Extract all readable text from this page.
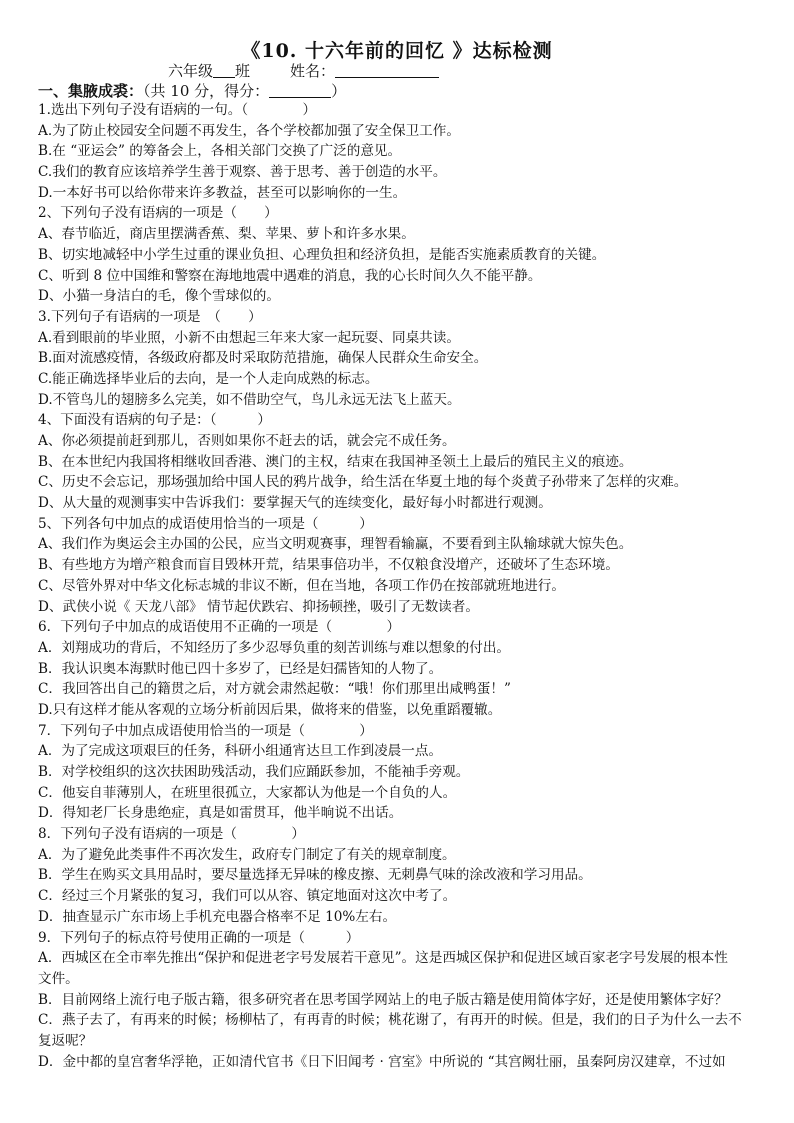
《10. 十六年前的回忆 》达标检测
六年级 班	姓名：
一、集腋成裘：（共 10 分，得分：	）
1.选出下列句子没有语病的一句。（　　　　）
A.为了防止校园安全问题不再发生，各个学校都加强了安全保卫工作。
B.在 “亚运会” 的筹备会上，各相关部门交换了广泛的意见。
C.我们的教育应该培养学生善于观察、善于思考、善于创造的水平。
D.一本好书可以给你带来许多教益，甚至可以影响你的一生。
2、下列句子没有语病的一项是（　　）
A、春节临近，商店里摆满香蕉、梨、苹果、萝卜和许多水果。
B、切实地减轻中小学生过重的课业负担、心理负担和经济负担，是能否实施素质教育的关键。
C、听到 8 位中国维和警察在海地地震中遇难的消息，我的心长时间久久不能平静。
D、小猫一身洁白的毛，像个雪球似的。
3.下列句子有语病的一项是　（　　）
A.看到眼前的毕业照，小新不由想起三年来大家一起玩耍、同桌共读。
B.面对流感疫情，各级政府都及时采取防范措施，确保人民群众生命安全。
C.能正确选择毕业后的去向，是一个人走向成熟的标志。
D.不管鸟儿的翅膀多么完美，如不借助空气，鸟儿永远无法飞上蓝天。
4、下面没有语病的句子是：（　　　）
A、你必须提前赶到那儿，否则如果你不赶去的话，就会完不成任务。
B、在本世纪内我国将相继收回香港、澳门的主权，结束在我国神圣领土上最后的殖民主义的痕迹。
C、历史不会忘记，那场强加给中国人民的鸦片战争，给生活在华夏土地的每个炎黄子孙带来了怎样的灾难。
D、从大量的观测事实中告诉我们：要掌握天气的连续变化，最好每小时都进行观测。
5、下列各句中加点的成语使用恰当的一项是（　　　）
A、我们作为奥运会主办国的公民，应当文明观赛事，理智看输赢，不要看到主队输球就大惊失色。
B、有些地方为增产粮食而盲目毁林开荒，结果事倍功半，不仅粮食没增产，还破坏了生态环境。
C、尽管外界对中华文化标志城的非议不断，但在当地，各项工作仍在按部就班地进行。
D、武侠小说《 天龙八部》 情节起伏跌宕、抑扬顿挫，吸引了无数读者。
6．下列句子中加点的成语使用不正确的一项是（　　　　）
A．刘翔成功的背后，不知经历了多少忍辱负重的刻苦训练与难以想象的付出。
B．我认识奥本海默时他已四十多岁了，已经是妇孺皆知的人物了。
C．我回答出自己的籍贯之后，对方就会肃然起敬：“哦！你们那里出咸鸭蛋！”
D.只有这样才能从客观的立场分析前因后果，做将来的借鉴，以免重蹈覆辙。
7．下列句子中加点成语使用恰当的一项是（　　　　）
A．为了完成这项艰巨的任务，科研小组通宵达旦工作到凌晨一点。
B．对学校组织的这次扶困助残活动，我们应踊跃参加，不能袖手旁观。
C．他妄自菲薄别人，在班里很孤立，大家都认为他是一个自负的人。
D．得知老厂长身患绝症，真是如雷贯耳，他半晌说不出话。
8．下列句子没有语病的一项是（　　　　）
A．为了避免此类事件不再次发生，政府专门制定了有关的规章制度。
B．学生在购买文具用品时，要尽量选择无异味的橡皮擦、无刺鼻气味的涂改液和学习用品。
C．经过三个月紧张的复习，我们可以从容、镇定地面对这次中考了。
D．抽查显示广东市场上手机充电器合格率不足 10%左右。
9．下列句子的标点符号使用正确的一项是（　　　）
A．西城区在全市率先推出“保护和促进老字号发展若干意见”。这是西城区保护和促进区域百家老字号发展的根本性
文件。
B．目前网络上流行电子版古籍，很多研究者在思考国学网站上的电子版古籍是使用简体字好，还是使用繁体字好？
C．燕子去了，有再来的时候；杨柳枯了，有再青的时候；桃花谢了，有再开的时候。但是，我们的日子为什么一去不
复返呢？
D．金中都的皇宫奢华浮艳，正如清代官书《日下旧闻考 · 宫室》中所说的 “其宫阙壮丽，虽秦阿房汉建章，不过如
